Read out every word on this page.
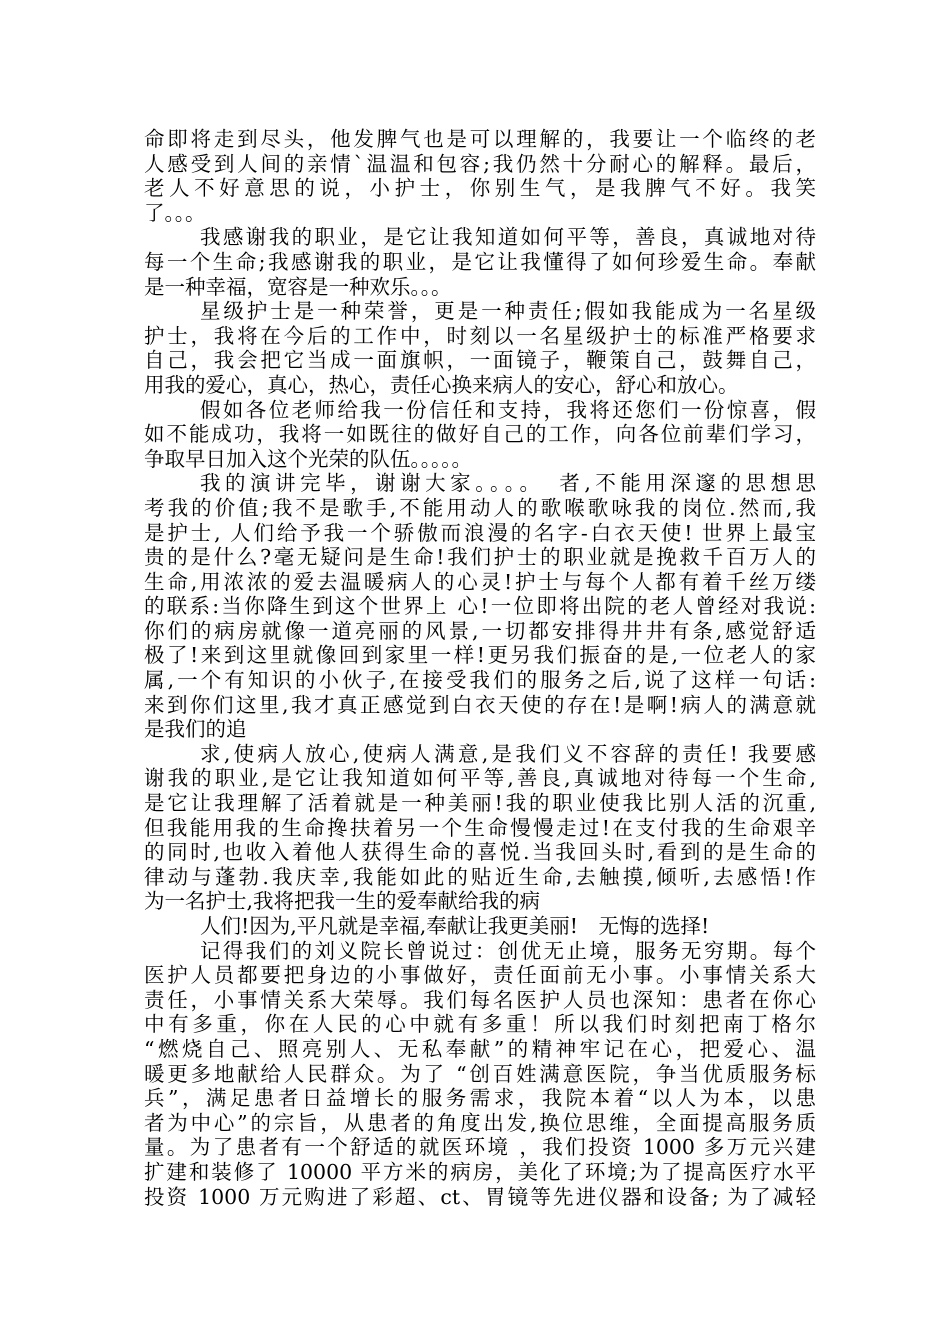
命即将走到尽头，他发脾气也是可以理解的，我要让一个临终的老
人感受到人间的亲情`温温和包容;我仍然十分耐心的解释。最后，
老人不好意思的说，小护士，你别生气，是我脾气不好。我笑
了。。。
我感谢我的职业，是它让我知道如何平等，善良，真诚地对待
每一个生命;我感谢我的职业，是它让我懂得了如何珍爱生命。奉献
是一种幸福，宽容是一种欢乐。。。
星级护士是一种荣誉，更是一种责任;假如我能成为一名星级
护士，我将在今后的工作中，时刻以一名星级护士的标准严格要求
自己，我会把它当成一面旗帜，一面镜子，鞭策自己，鼓舞自己，
用我的爱心，真心，热心，责任心换来病人的安心，舒心和放心。
假如各位老师给我一份信任和支持，我将还您们一份惊喜，假
如不能成功，我将一如既往的做好自己的工作，向各位前辈们学习，
争取早日加入这个光荣的队伍。。。。。
我的演讲完毕，谢谢大家。。。。　者,不能用深邃的思想思
考我的价值;我不是歌手,不能用动人的歌喉歌咏我的岗位.然而,我
是护士, 人们给予我一个骄傲而浪漫的名字-白衣天使! 世界上最宝
贵的是什么?毫无疑问是生命!我们护士的职业就是挽救千百万人的
生命,用浓浓的爱去温暖病人的心灵!护士与每个人都有着千丝万缕
的联系:当你降生到这个世界上 心!一位即将出院的老人曾经对我说:
你们的病房就像一道亮丽的风景,一切都安排得井井有条,感觉舒适
极了!来到这里就像回到家里一样!更另我们振奋的是,一位老人的家
属,一个有知识的小伙子,在接受我们的服务之后,说了这样一句话:
来到你们这里,我才真正感觉到白衣天使的存在!是啊!病人的满意就
是我们的追
求,使病人放心,使病人满意,是我们义不容辞的责任! 我要感
谢我的职业,是它让我知道如何平等,善良,真诚地对待每一个生命,
是它让我理解了活着就是一种美丽!我的职业使我比别人活的沉重,
但我能用我的生命搀扶着另一个生命慢慢走过!在支付我的生命艰辛
的同时,也收入着他人获得生命的喜悦.当我回头时,看到的是生命的
律动与蓬勃.我庆幸,我能如此的贴近生命,去触摸,倾听,去感悟!作
为一名护士,我将把我一生的爱奉献给我的病
人们!因为,平凡就是幸福,奉献让我更美丽!　无悔的选择!
记得我们的刘义院长曾说过：创优无止境，服务无穷期。每个
医护人员都要把身边的小事做好，责任面前无小事。小事情关系大
责任，小事情关系大荣辱。我们每名医护人员也深知：患者在你心
中有多重，你在人民的心中就有多重！所以我们时刻把南丁格尔
“燃烧自己、照亮别人、无私奉献”的精神牢记在心，把爱心、温
暖更多地献给人民群众。为了 “创百姓满意医院，争当优质服务标
兵”，满足患者日益增长的服务需求，我院本着“以人为本，以患
者为中心”的宗旨，从患者的角度出发,换位思维，全面提高服务质
量。为了患者有一个舒适的就医环境 ，我们投资 1000 多万元兴建
扩建和装修了 10000 平方米的病房，美化了环境;为了提高医疗水平
投资 1000 万元购进了彩超、ct、胃镜等先进仪器和设备; 为了减轻
